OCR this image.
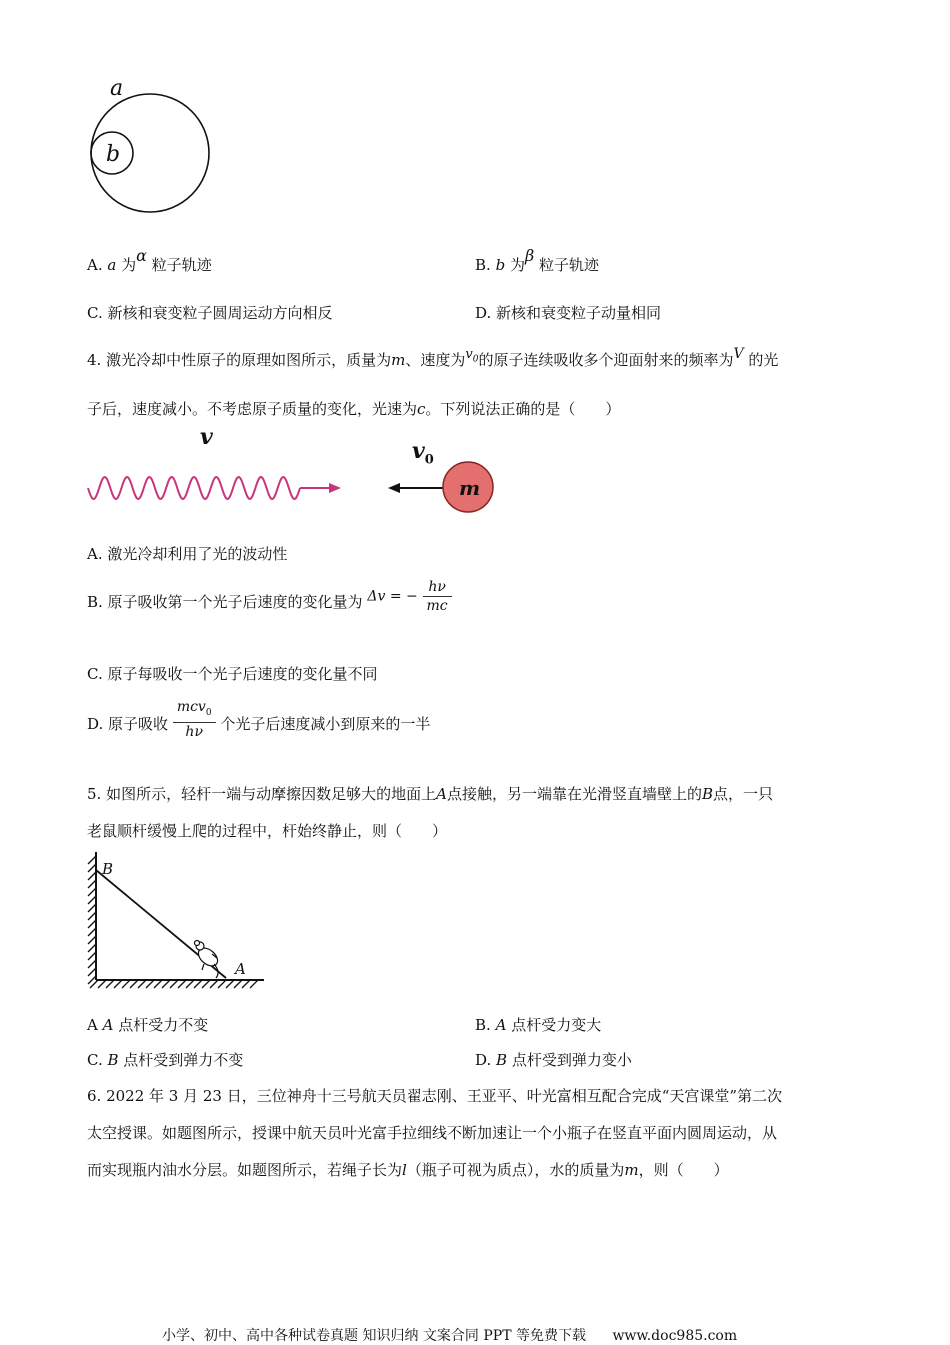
a
b
A. a 为α 粒子轨迹	B. b 为β 粒子轨迹
C. 新核和衰变粒子圆周运动方向相反	D. 新核和衰变粒子动量相同
4. 激光冷却中性原子的原理如图所示，质量为m、速度为$v_0$的原子连续吸收多个迎面射来的频率为V 的光
子后，速度减小。不考虑原子质量的变化，光速为c。下列说法正确的是（　　）
v
$v_0$
m
A. 激光冷却利用了光的波动性
B. 原子吸收第一个光子后速度的变化量为 Δv = − $\frac{h\nu}{mc}$
C. 原子每吸收一个光子后速度的变化量不同
D. 原子吸收 $\frac{mcv_0}{h\nu}$ 个光子后速度减小到原来的一半
5. 如图所示，轻杆一端与动摩擦因数足够大的地面上A点接触，另一端靠在光滑竖直墙壁上的B点，一只
老鼠顺杆缓慢上爬的过程中，杆始终静止，则（　　）
B
A
A A 点杆受力不变	B. A 点杆受力变大
C. B 点杆受到弹力不变	D. B 点杆受到弹力变小
6. 2022 年 3 月 23 日，三位神舟十三号航天员翟志刚、王亚平、叶光富相互配合完成“天宫课堂”第二次
太空授课。如题图所示，授课中航天员叶光富手拉细线不断加速让一个小瓶子在竖直平面内圆周运动，从
而实现瓶内油水分层。如题图所示，若绳子长为l（瓶子可视为质点），水的质量为m，则（　　）
小学、初中、高中各种试卷真题 知识归纳 文案合同 PPT 等免费下载 www.doc985.com
